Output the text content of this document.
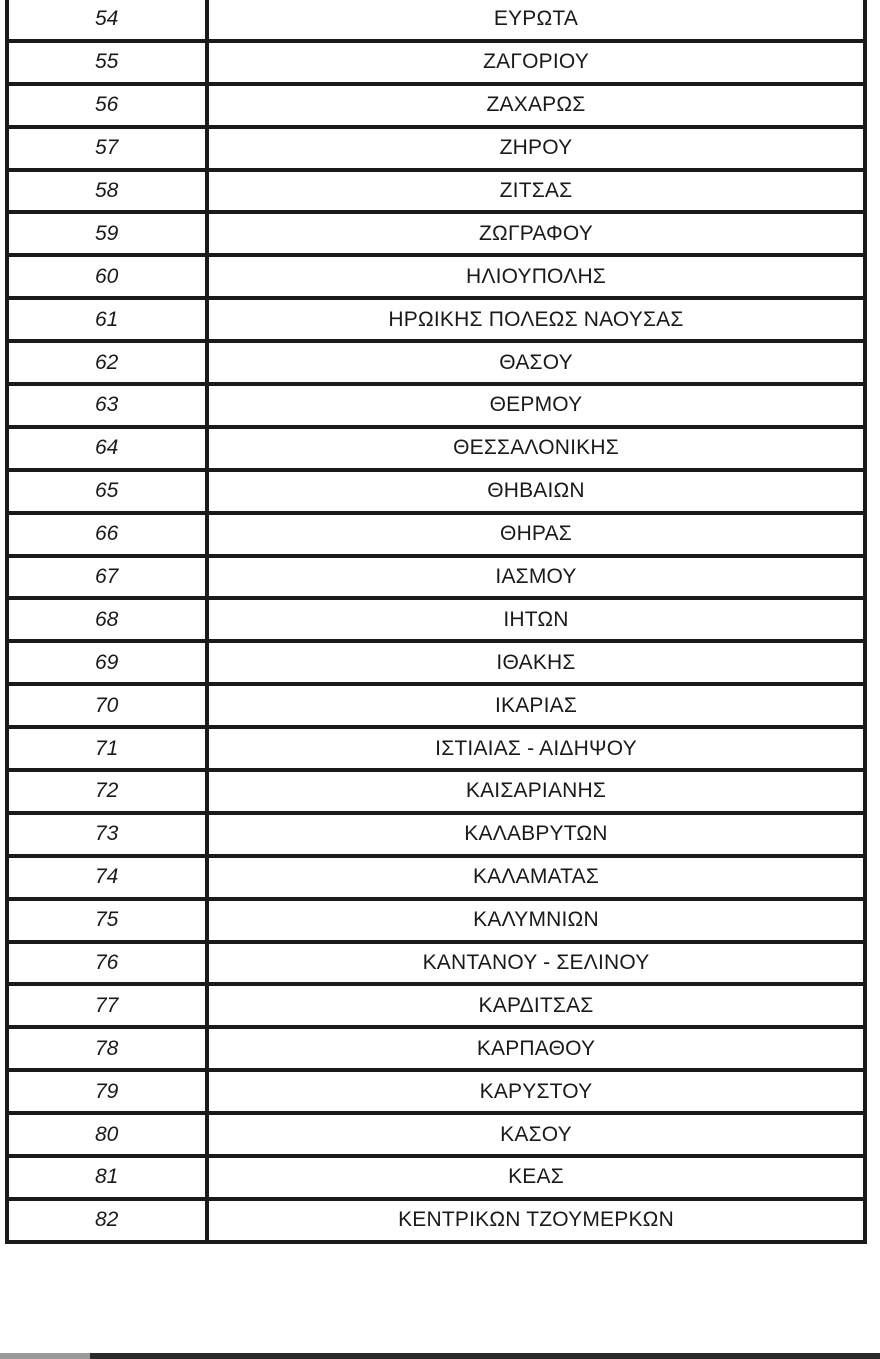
54	ΕΥΡΩΤΑ
55	ΖΑΓΟΡΙΟΥ
56	ΖΑΧΑΡΩΣ
57	ΖΗΡΟΥ
58	ΖΙΤΣΑΣ
59	ΖΩΓΡΑΦΟΥ
60	ΗΛΙΟΥΠΟΛΗΣ
61	ΗΡΩΙΚΗΣ ΠΟΛΕΩΣ ΝΑΟΥΣΑΣ
62	ΘΑΣΟΥ
63	ΘΕΡΜΟΥ
64	ΘΕΣΣΑΛΟΝΙΚΗΣ
65	ΘΗΒΑΙΩΝ
66	ΘΗΡΑΣ
67	ΙΑΣΜΟΥ
68	ΙΗΤΩΝ
69	ΙΘΑΚΗΣ
70	ΙΚΑΡΙΑΣ
71	ΙΣΤΙΑΙΑΣ - ΑΙΔΗΨΟΥ
72	ΚΑΙΣΑΡΙΑΝΗΣ
73	ΚΑΛΑΒΡΥΤΩΝ
74	ΚΑΛΑΜΑΤΑΣ
75	ΚΑΛΥΜΝΙΩΝ
76	ΚΑΝΤΑΝΟΥ - ΣΕΛΙΝΟΥ
77	ΚΑΡΔΙΤΣΑΣ
78	ΚΑΡΠΑΘΟΥ
79	ΚΑΡΥΣΤΟΥ
80	ΚΑΣΟΥ
81	ΚΕΑΣ
82	ΚΕΝΤΡΙΚΩΝ ΤΖΟΥΜΕΡΚΩΝ
